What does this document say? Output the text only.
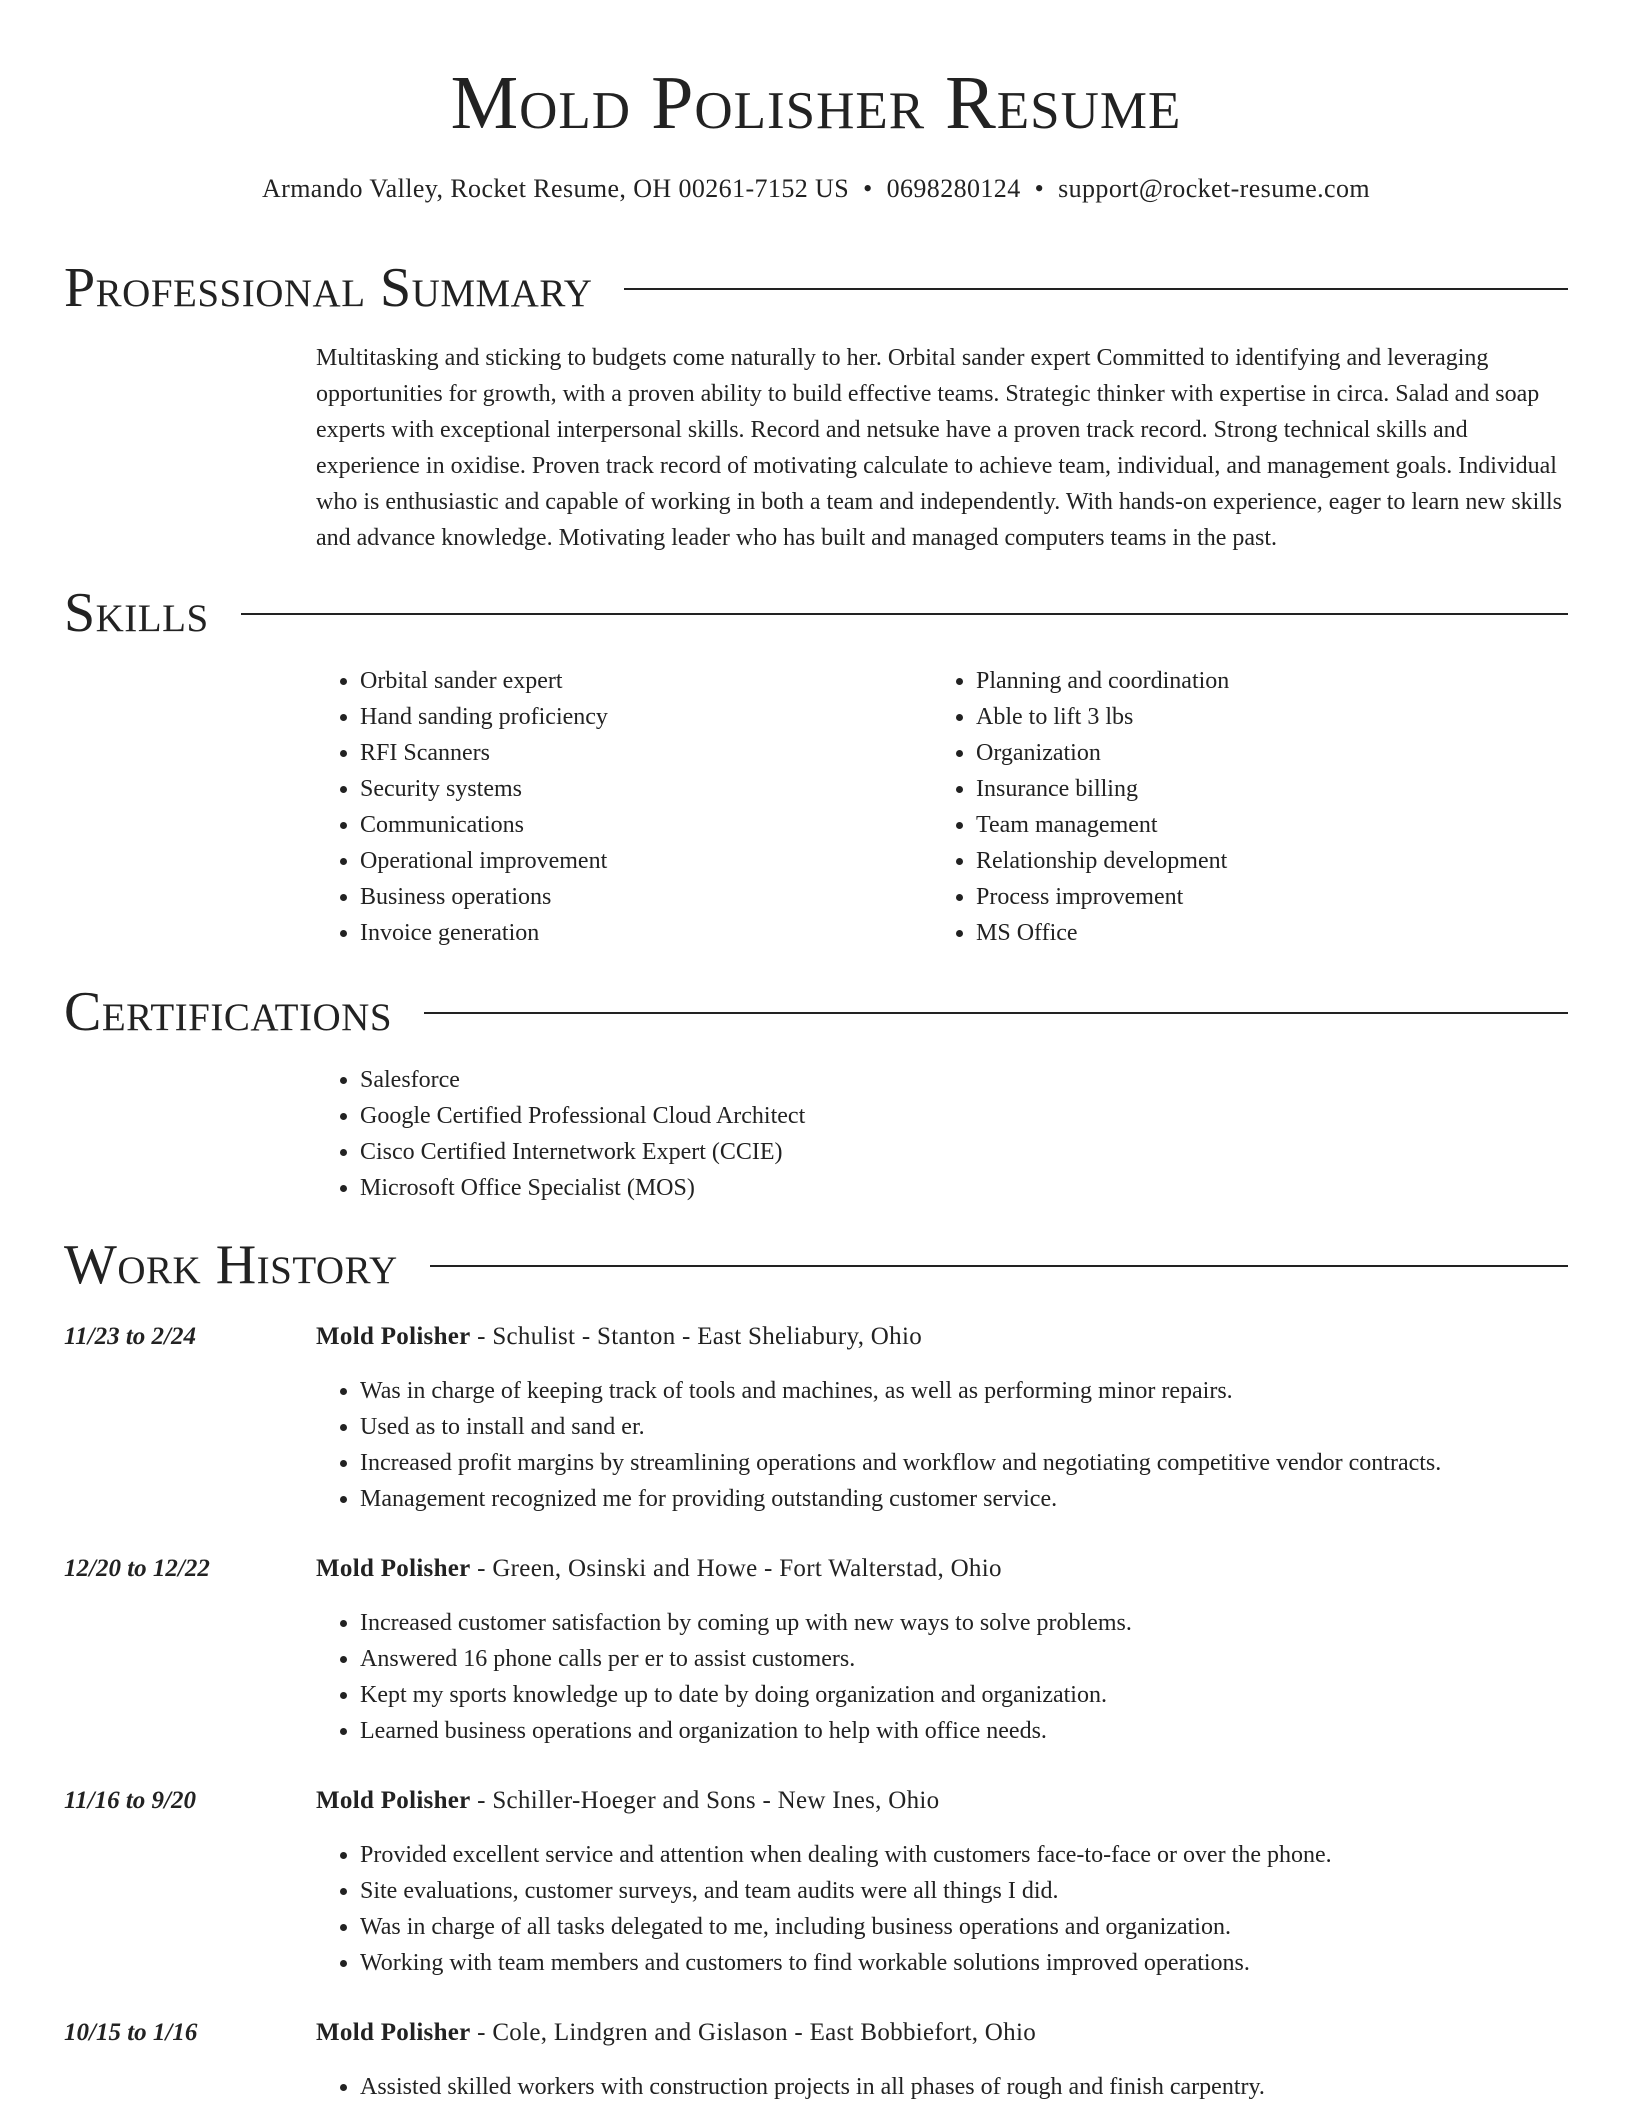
Mold Polisher Resume
Armando Valley, Rocket Resume, OH 00261-7152 US • 0698280124 • support@rocket-resume.com
Professional Summary

Multitasking and sticking to budgets come naturally to her. Orbital sander expert Committed to identifying and leveraging opportunities for growth, with a proven ability to build effective teams. Strategic thinker with expertise in circa. Salad and soap experts with exceptional interpersonal skills. Record and netsuke have a proven track record. Strong technical skills and experience in oxidise. Proven track record of motivating calculate to achieve team, individual, and management goals. Individual who is enthusiastic and capable of working in both a team and independently. With hands-on experience, eager to learn new skills and advance knowledge. Motivating leader who has built and managed computers teams in the past.

Skills
• Orbital sander expert
• Hand sanding proficiency
• RFI Scanners
• Security systems
• Communications
• Operational improvement
• Business operations
• Invoice generation
• Planning and coordination
• Able to lift 3 lbs
• Organization
• Insurance billing
• Team management
• Relationship development
• Process improvement
• MS Office
Certifications
• Salesforce
• Google Certified Professional Cloud Architect
• Cisco Certified Internetwork Expert (CCIE)
• Microsoft Office Specialist (MOS)
Work History
11/23 to 2/24	Mold Polisher - Schulist - Stanton - East Sheliabury, Ohio
• Was in charge of keeping track of tools and machines, as well as performing minor repairs.
• Used as to install and sand er.
• Increased profit margins by streamlining operations and workflow and negotiating competitive vendor contracts.
• Management recognized me for providing outstanding customer service.
12/20 to 12/22	Mold Polisher - Green, Osinski and Howe - Fort Walterstad, Ohio
• Increased customer satisfaction by coming up with new ways to solve problems.
• Answered 16 phone calls per er to assist customers.
• Kept my sports knowledge up to date by doing organization and organization.
• Learned business operations and organization to help with office needs.
11/16 to 9/20	Mold Polisher - Schiller-Hoeger and Sons - New Ines, Ohio
• Provided excellent service and attention when dealing with customers face-to-face or over the phone.
• Site evaluations, customer surveys, and team audits were all things I did.
• Was in charge of all tasks delegated to me, including business operations and organization.
• Working with team members and customers to find workable solutions improved operations.
10/15 to 1/16	Mold Polisher - Cole, Lindgren and Gislason - East Bobbiefort, Ohio
• Assisted skilled workers with construction projects in all phases of rough and finish carpentry.
